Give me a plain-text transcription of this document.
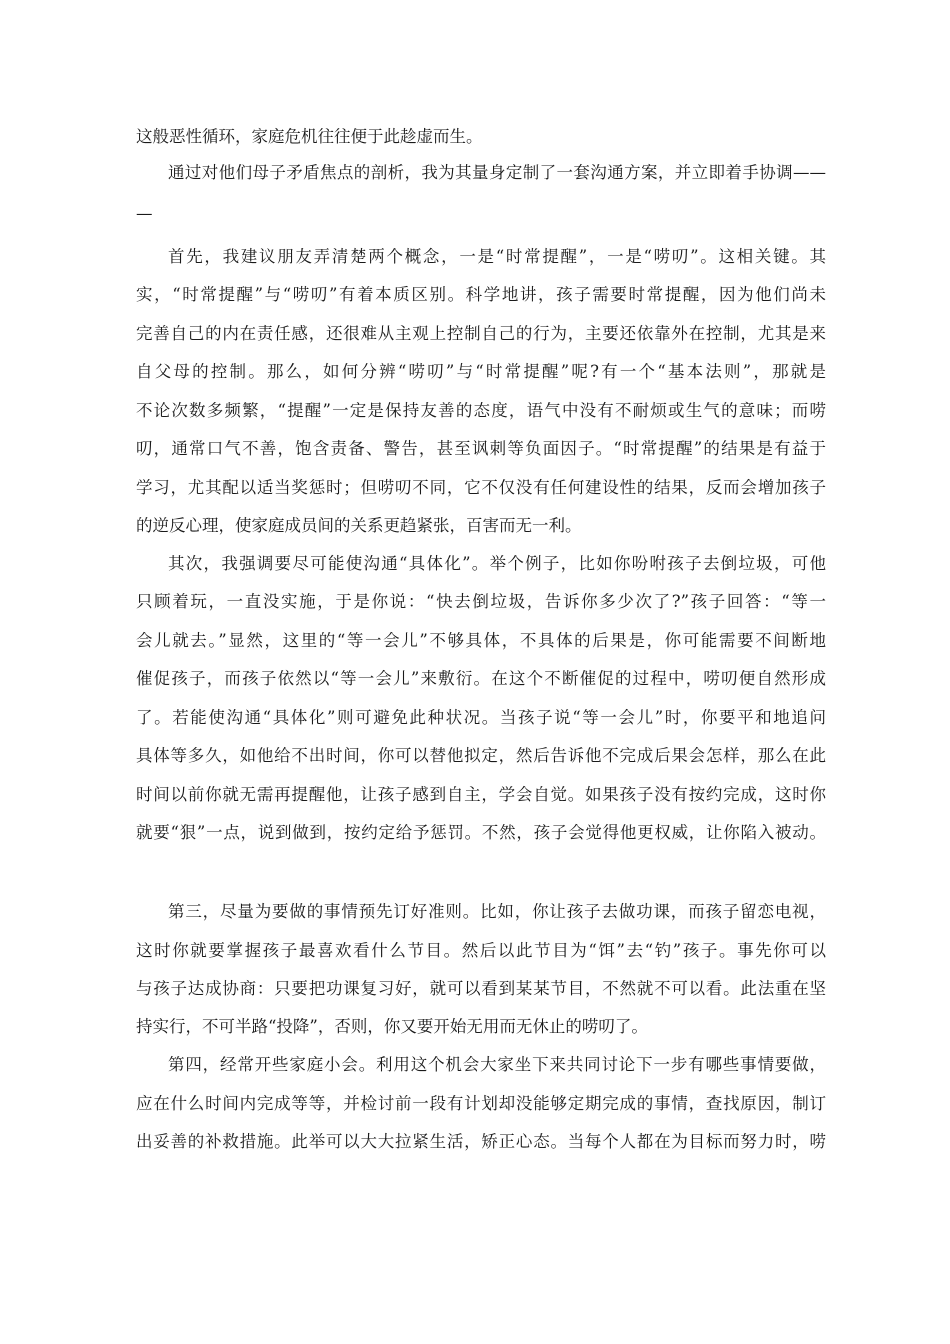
这般恶性循环，家庭危机往往便于此趁虚而生。

通过对他们母子矛盾焦点的剖析，我为其量身定制了一套沟通方案，并立即着手协调——

—

首先，我建议朋友弄清楚两个概念，一是“时常提醒”，一是“唠叨”。这相关键。其

实，“时常提醒”与“唠叨”有着本质区别。科学地讲，孩子需要时常提醒，因为他们尚未

完善自己的内在责任感，还很难从主观上控制自己的行为，主要还依靠外在控制，尤其是来

自父母的控制。那么，如何分辨“唠叨”与“时常提醒”呢?有一个“基本法则”，那就是

不论次数多频繁，“提醒”一定是保持友善的态度，语气中没有不耐烦或生气的意味；而唠

叨，通常口气不善，饱含责备、警告，甚至讽刺等负面因子。“时常提醒”的结果是有益于

学习，尤其配以适当奖惩时；但唠叨不同，它不仅没有任何建设性的结果，反而会增加孩子

的逆反心理，使家庭成员间的关系更趋紧张，百害而无一利。

其次，我强调要尽可能使沟通“具体化”。举个例子，比如你吩咐孩子去倒垃圾，可他

只顾着玩，一直没实施，于是你说：“快去倒垃圾，告诉你多少次了?”孩子回答：“等一

会儿就去。”显然，这里的“等一会儿”不够具体，不具体的后果是，你可能需要不间断地

催促孩子，而孩子依然以“等一会儿”来敷衍。在这个不断催促的过程中，唠叨便自然形成

了。若能使沟通“具体化”则可避免此种状况。当孩子说“等一会儿”时，你要平和地追问

具体等多久，如他给不出时间，你可以替他拟定，然后告诉他不完成后果会怎样，那么在此

时间以前你就无需再提醒他，让孩子感到自主，学会自觉。如果孩子没有按约完成，这时你

就要“狠”一点，说到做到，按约定给予惩罚。不然，孩子会觉得他更权威，让你陷入被动。

第三，尽量为要做的事情预先订好准则。比如，你让孩子去做功课，而孩子留恋电视，

这时你就要掌握孩子最喜欢看什么节目。然后以此节目为“饵”去“钓”孩子。事先你可以

与孩子达成协商：只要把功课复习好，就可以看到某某节目，不然就不可以看。此法重在坚

持实行，不可半路“投降”，否则，你又要开始无用而无休止的唠叨了。

第四，经常开些家庭小会。利用这个机会大家坐下来共同讨论下一步有哪些事情要做，

应在什么时间内完成等等，并检讨前一段有计划却没能够定期完成的事情，查找原因，制订

出妥善的补救措施。此举可以大大拉紧生活，矫正心态。当每个人都在为目标而努力时，唠
